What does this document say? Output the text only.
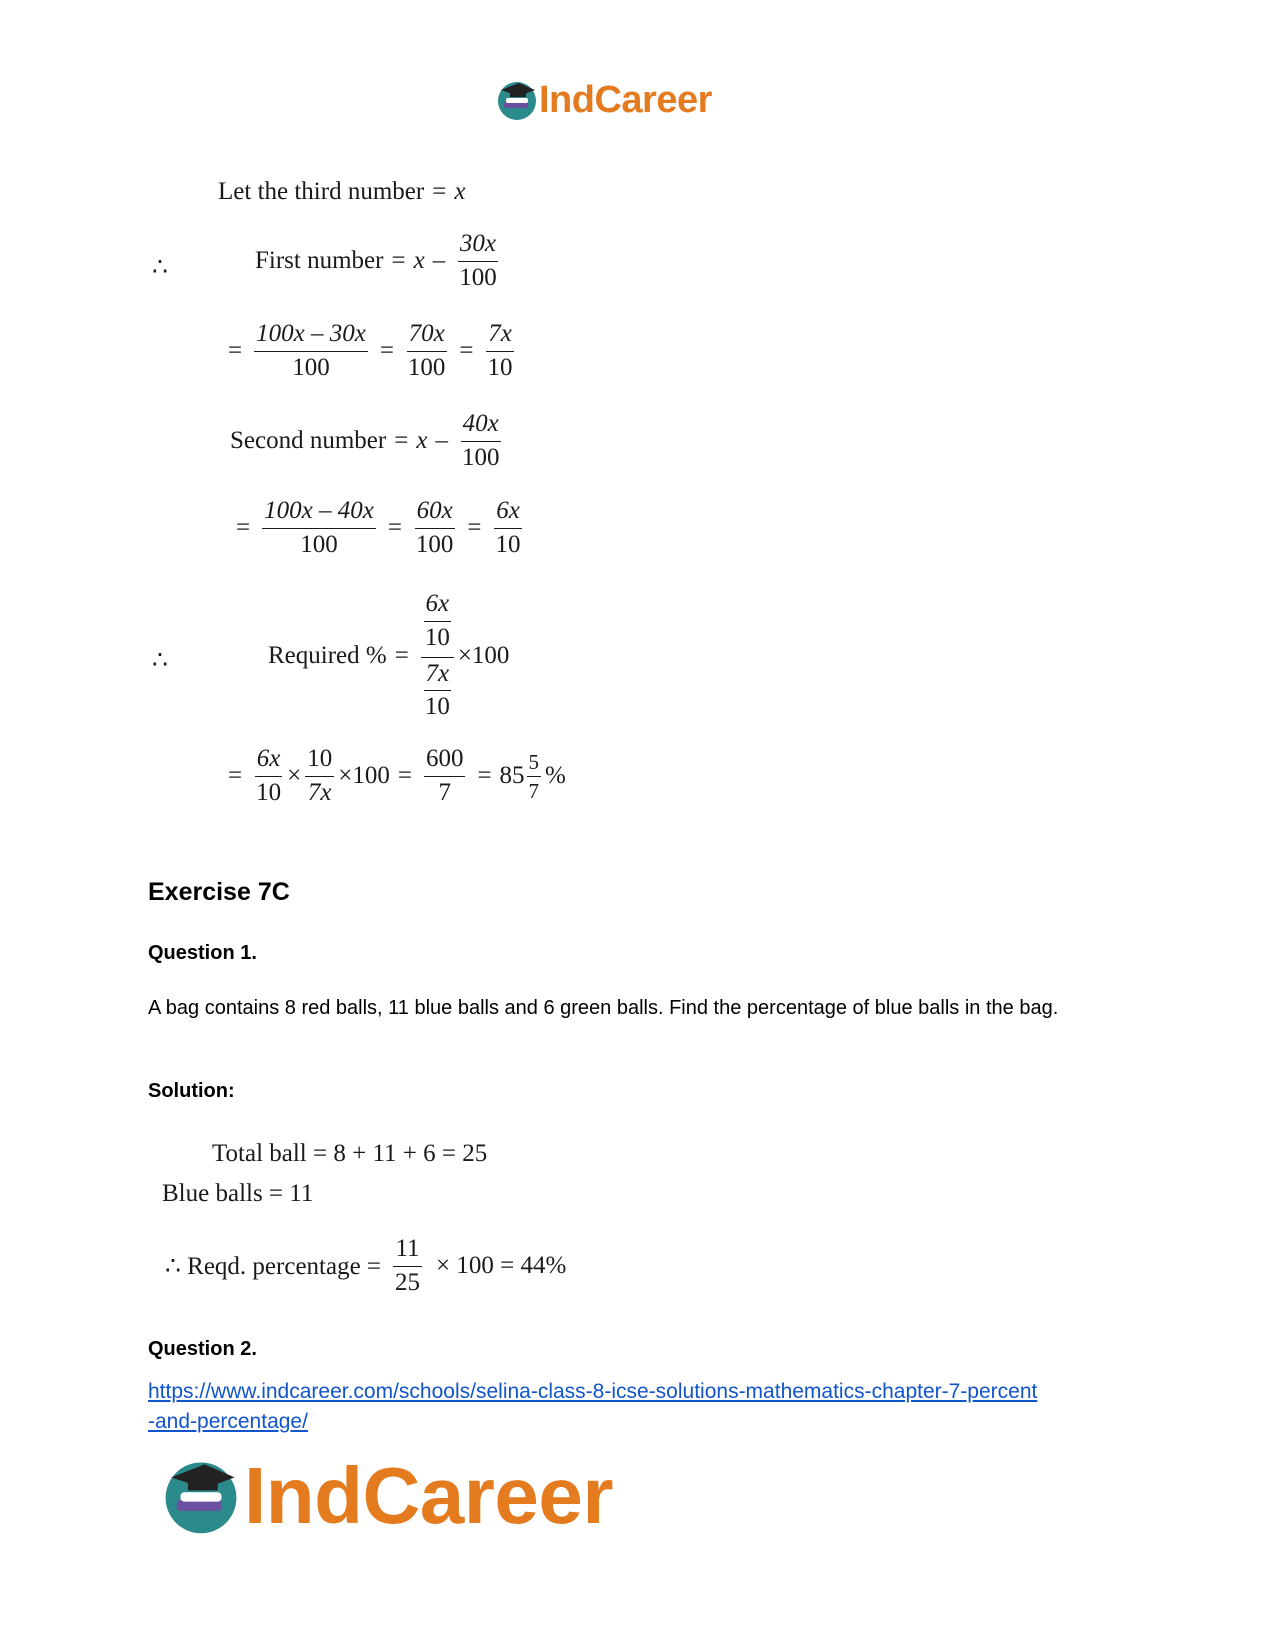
IndCareer
Let the third number = x
∴	First number = x – $\frac{30x}{100}$
= $\frac{100x - 30x}{100} = \frac{70x}{100} = \frac{7x}{10}$
Second number = x – $\frac{40x}{100}$
= $\frac{100x - 40x}{100} = \frac{60x}{100} = \frac{6x}{10}$
∴	Required % = $\frac{\frac{6x}{10}}{\frac{7x}{10}} \times 100$
= $\frac{6x}{10} \times \frac{10}{7x} \times 100 = \frac{600}{7} = 85 \frac{5}{7}$ %
Exercise 7C
Question 1.
A bag contains 8 red balls, 11 blue balls and 6 green balls. Find the percentage of blue balls in the bag.
Solution:
Total ball = 8 + 11 + 6 = 25
Blue balls = 11
∴ Reqd. percentage = $\frac{11}{25} \times 100 = 44\%$
Question 2.
https://www.indcareer.com/schools/selina-class-8-icse-solutions-mathematics-chapter-7-percent
-and-percentage/
IndCareer
